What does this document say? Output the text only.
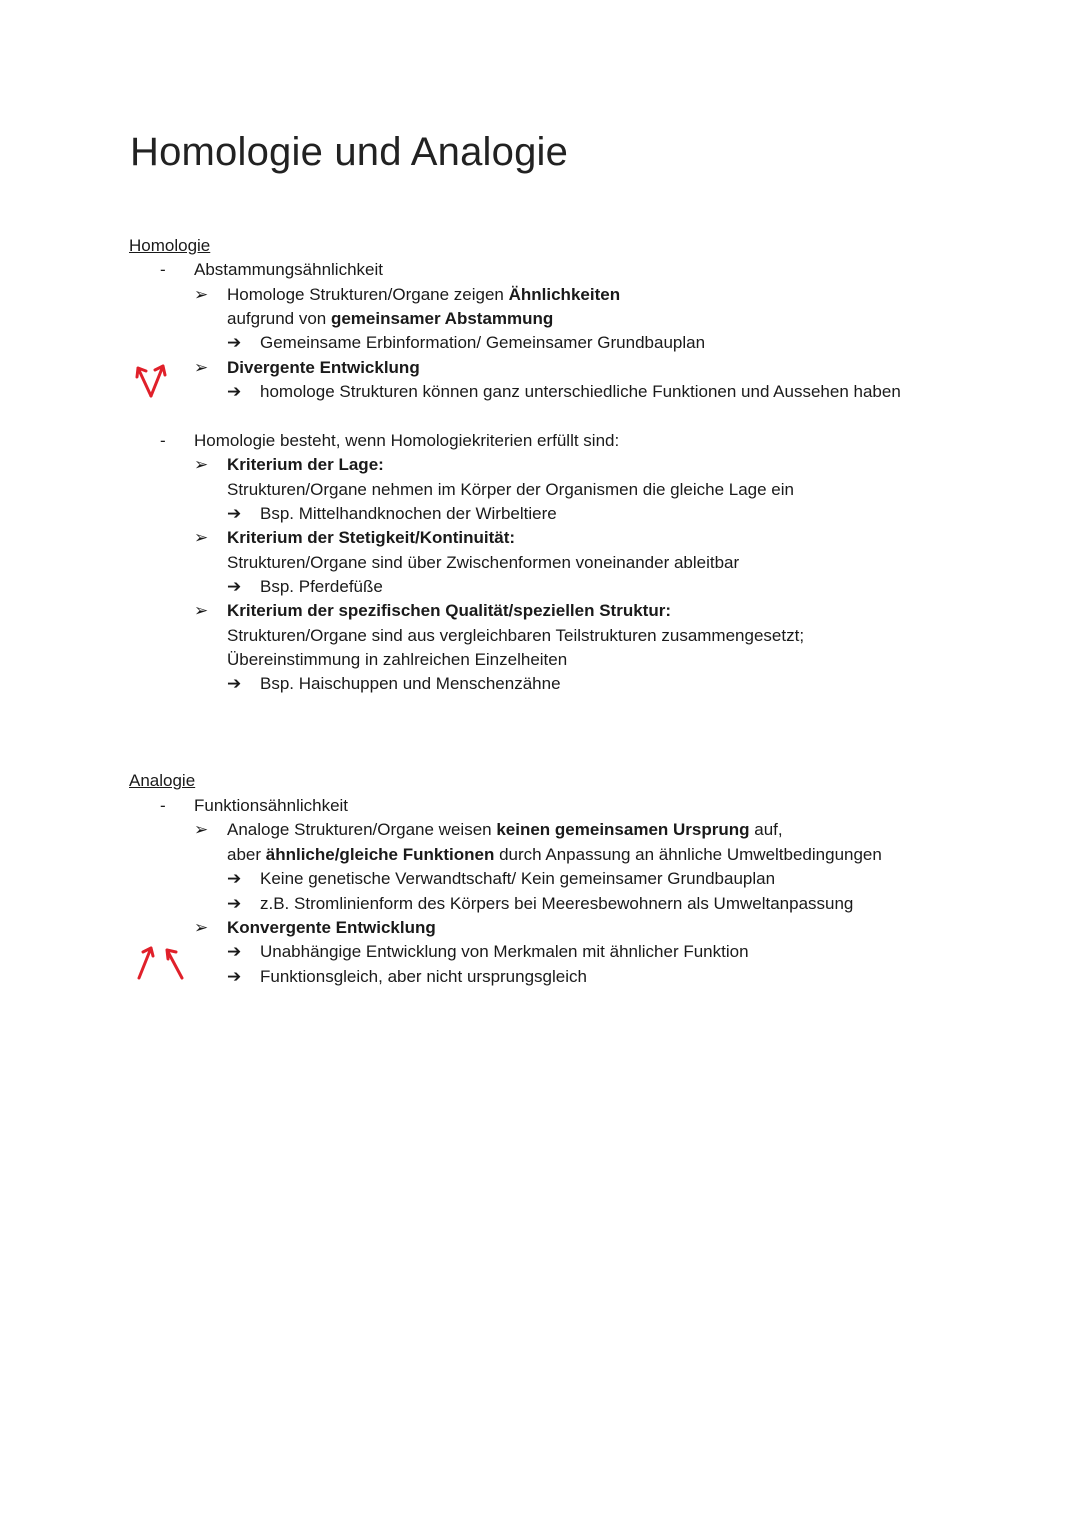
Homologie und Analogie
Homologie
- Abstammungsähnlichkeit
➢ Homologe Strukturen/Organe zeigen Ähnlichkeiten
aufgrund von gemeinsamer Abstammung
➔ Gemeinsame Erbinformation/ Gemeinsamer Grundbauplan
➢ Divergente Entwicklung
➔ homologe Strukturen können ganz unterschiedliche Funktionen und Aussehen haben
- Homologie besteht, wenn Homologiekriterien erfüllt sind:
➢ Kriterium der Lage:
Strukturen/Organe nehmen im Körper der Organismen die gleiche Lage ein
➔ Bsp. Mittelhandknochen der Wirbeltiere
➢ Kriterium der Stetigkeit/Kontinuität:
Strukturen/Organe sind über Zwischenformen voneinander ableitbar
➔ Bsp. Pferdefüße
➢ Kriterium der spezifischen Qualität/speziellen Struktur:
Strukturen/Organe sind aus vergleichbaren Teilstrukturen zusammengesetzt;
Übereinstimmung in zahlreichen Einzelheiten
➔ Bsp. Haischuppen und Menschenzähne
Analogie
- Funktionsähnlichkeit
➢ Analoge Strukturen/Organe weisen keinen gemeinsamen Ursprung auf,
aber ähnliche/gleiche Funktionen durch Anpassung an ähnliche Umweltbedingungen
➔ Keine genetische Verwandtschaft/ Kein gemeinsamer Grundbauplan
➔ z.B. Stromlinienform des Körpers bei Meeresbewohnern als Umweltanpassung
➢ Konvergente Entwicklung
➔ Unabhängige Entwicklung von Merkmalen mit ähnlicher Funktion
➔ Funktionsgleich, aber nicht ursprungsgleich
